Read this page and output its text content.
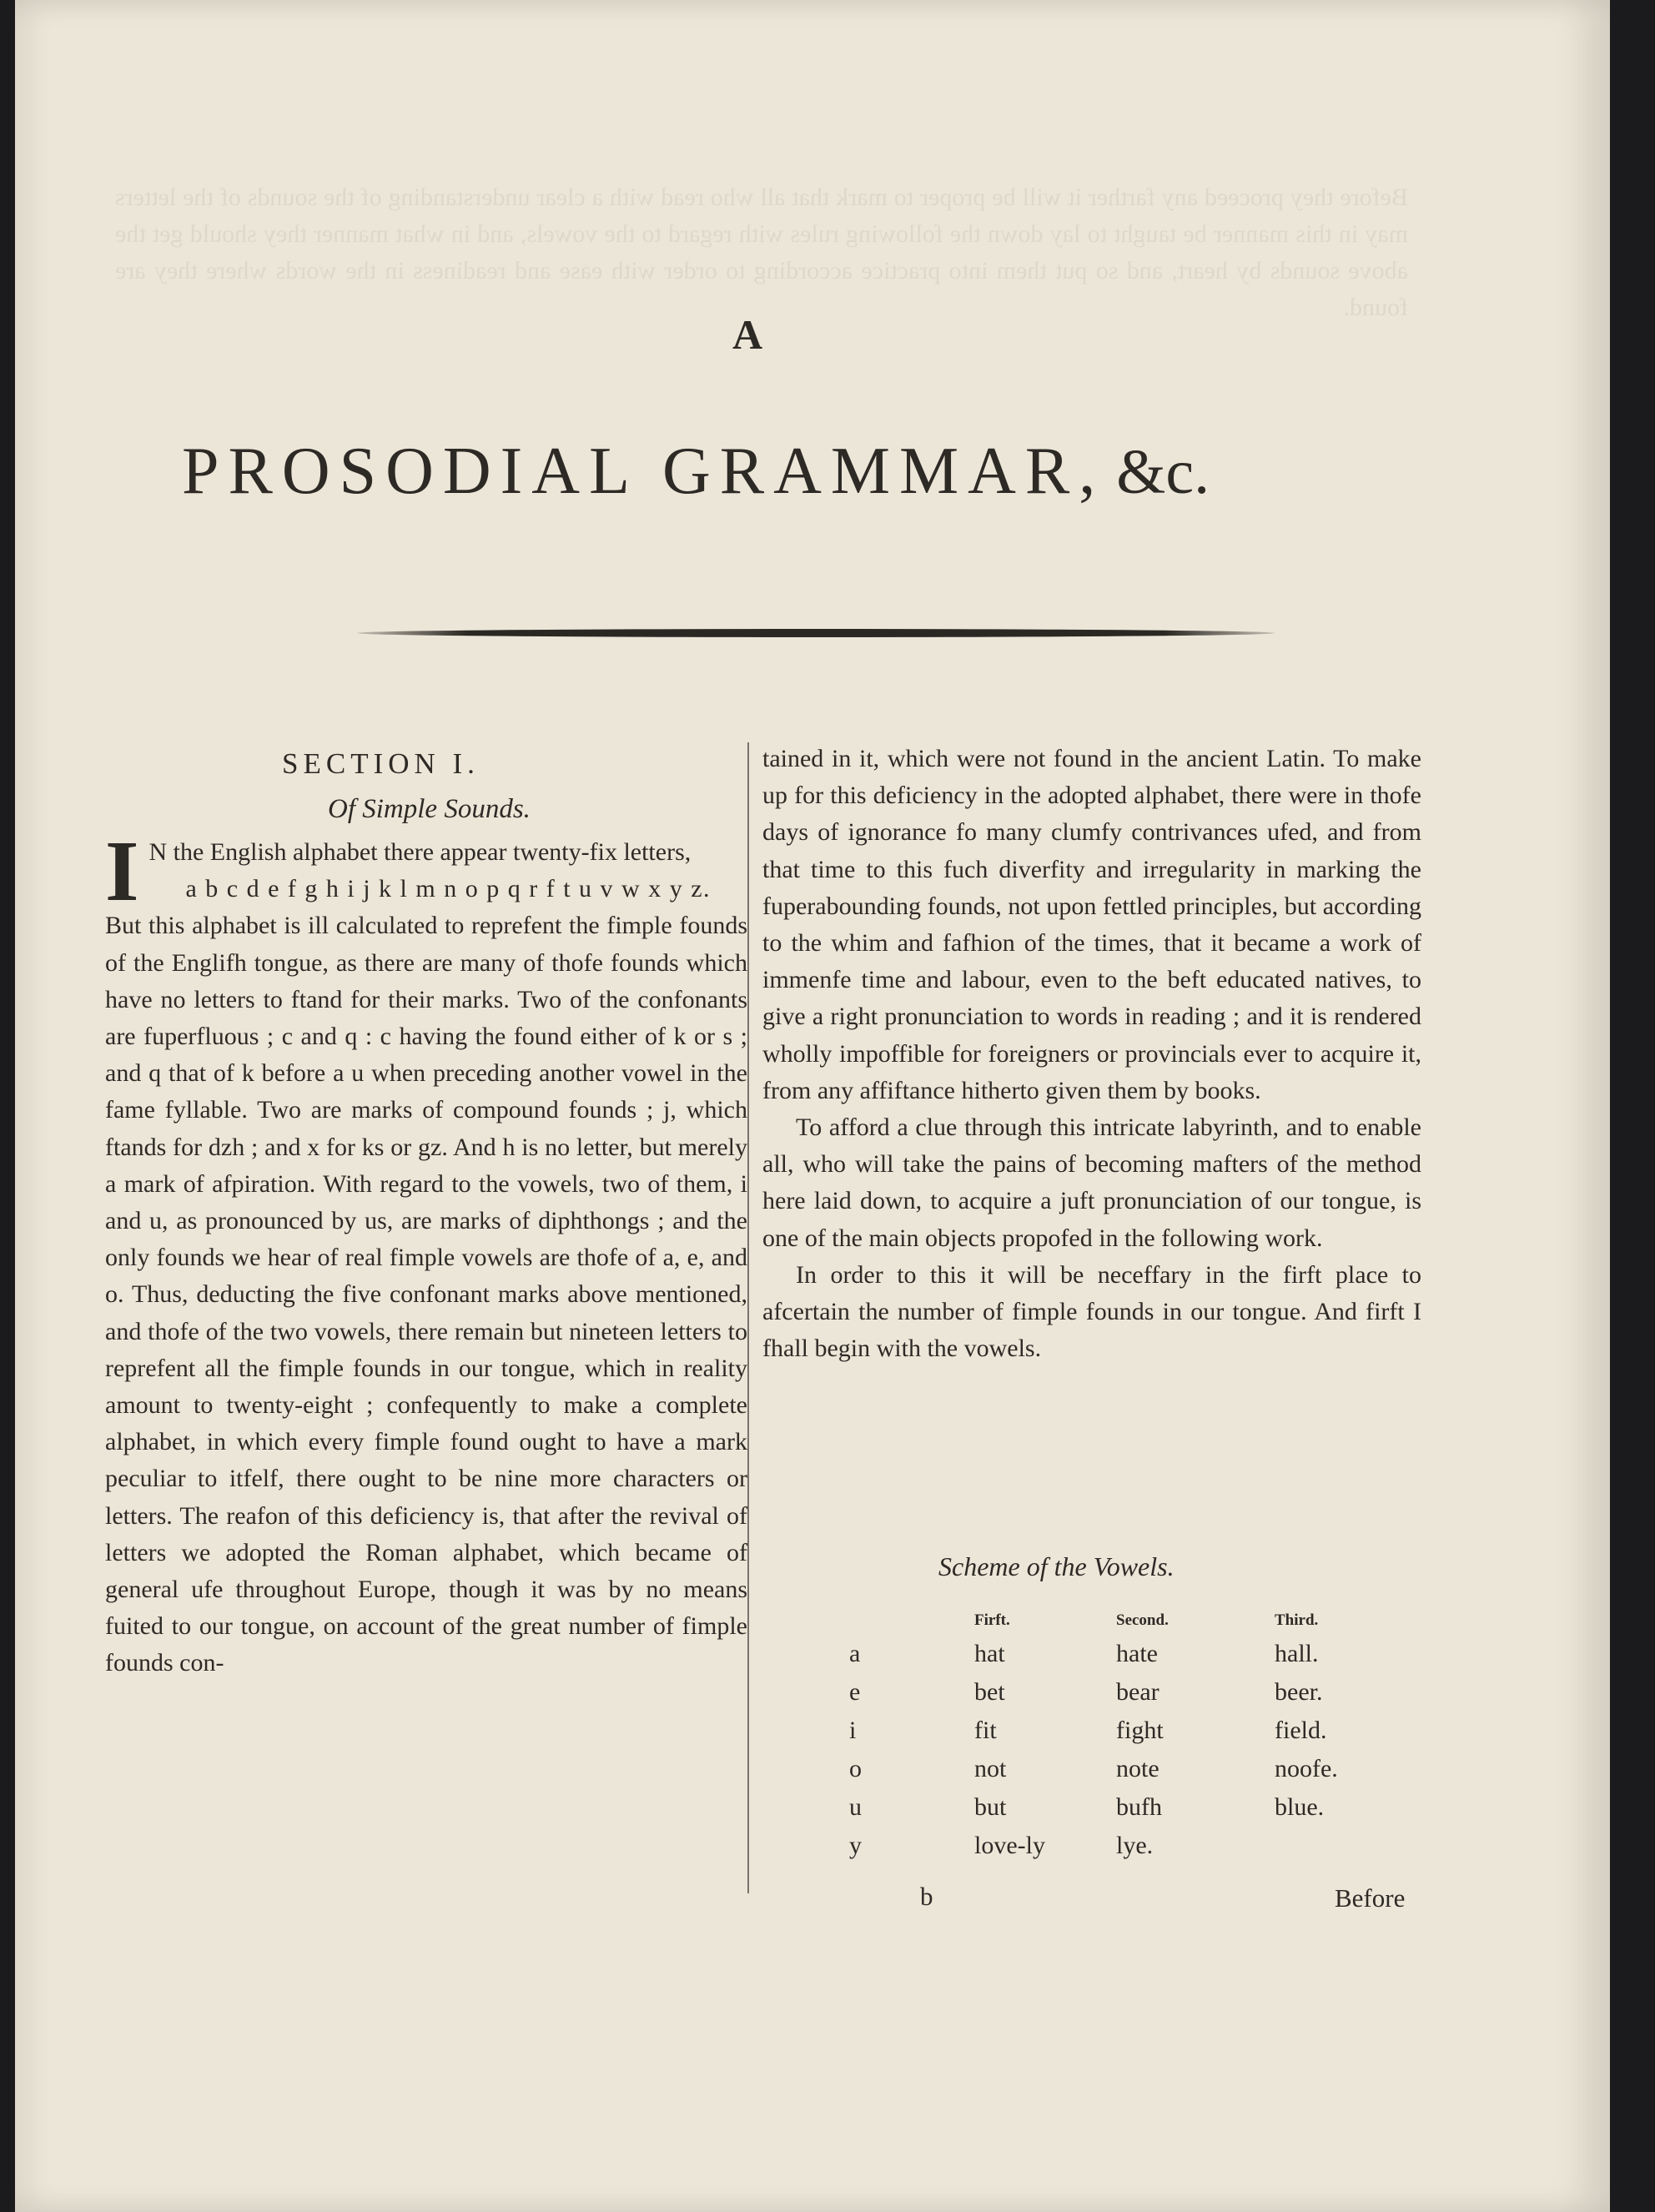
Before they proceed any farther it will be proper to mark that all who read with a clear understanding of the sounds of the letters may in this manner be taught to lay down the following rules with regard to the vowels, and in what manner they should get the above sounds by heart, and so put them into practice according to order with ease and readiness in the words where they are found.
A
PROSODIAL GRAMMAR, &c.
SECTION I.
Of Simple Sounds.

I N the English alphabet there appear twenty-fix letters,

a b c d e f g h i j k l m n o p q r f t u v w x y z.

But this alphabet is ill calculated to reprefent the fimple founds of the Englifh tongue, as there are many of thofe founds which have no letters to ftand for their marks. Two of the confonants are fuperfluous ; c and q : c having the found either of k or s ; and q that of k before a u when preceding another vowel in the fame fyllable. Two are marks of compound founds ; j, which ftands for dzh ; and x for ks or gz. And h is no letter, but merely a mark of afpiration. With regard to the vowels, two of them, i and u, as pronounced by us, are marks of diphthongs ; and the only founds we hear of real fimple vowels are thofe of a, e, and o. Thus, deducting the five confonant marks above mentioned, and thofe of the two vowels, there remain but nineteen letters to reprefent all the fimple founds in our tongue, which in reality amount to twenty-eight ; confequently to make a complete alphabet, in which every fimple found ought to have a mark peculiar to itfelf, there ought to be nine more characters or letters. The reafon of this deficiency is, that after the revival of letters we adopted the Roman alphabet, which became of general ufe throughout Europe, though it was by no means fuited to our tongue, on account of the great number of fimple founds con-

tained in it, which were not found in the ancient Latin. To make up for this deficiency in the adopted alphabet, there were in thofe days of ignorance fo many clumfy contrivances ufed, and from that time to this fuch diverfity and irregularity in marking the fuperabounding founds, not upon fettled principles, but according to the whim and fafhion of the times, that it became a work of immenfe time and labour, even to the beft educated natives, to give a right pronunciation to words in reading ; and it is rendered wholly impoffible for foreigners or provincials ever to acquire it, from any affiftance hitherto given them by books.

To afford a clue through this intricate labyrinth, and to enable all, who will take the pains of becoming mafters of the method here laid down, to acquire a juft pronunciation of our tongue, is one of the main objects propofed in the following work.

In order to this it will be neceffary in the firft place to afcertain the number of fimple founds in our tongue. And firft I fhall begin with the vowels.

Scheme of the Vowels.
	Firft.	Second.	Third.
a	hat	hate	hall.
e	bet	bear	beer.
i	fit	fight	field.
o	not	note	noofe.
u	but	bufh	blue.
y	love-ly	lye.	
b	Before
